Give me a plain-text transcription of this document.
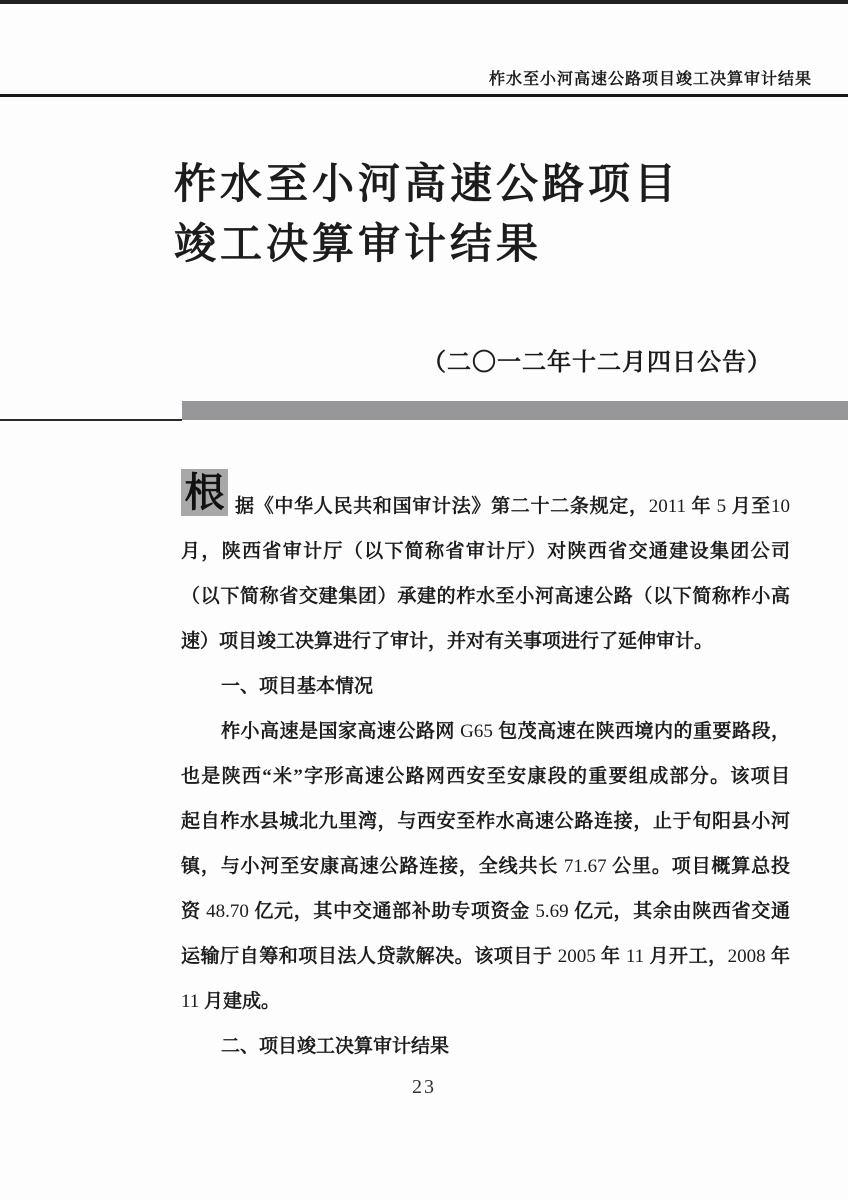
柞水至小河高速公路项目竣工决算审计结果
柞水至小河高速公路项目
竣工决算审计结果
（二〇一二年十二月四日公告）
根 据《中华人民共和国审计法》第二十二条规定，2011 年 5 月至10
月，陕西省审计厅（以下简称省审计厅）对陕西省交通建设集团公司
（以下简称省交建集团）承建的柞水至小河高速公路（以下简称柞小高
速）项目竣工决算进行了审计，并对有关事项进行了延伸审计。
一、项目基本情况
柞小高速是国家高速公路网 G65 包茂高速在陕西境内的重要路段，
也是陕西“米”字形高速公路网西安至安康段的重要组成部分。该项目
起自柞水县城北九里湾，与西安至柞水高速公路连接，止于旬阳县小河
镇，与小河至安康高速公路连接，全线共长 71.67 公里。项目概算总投
资 48.70 亿元，其中交通部补助专项资金 5.69 亿元，其余由陕西省交通
运输厅自筹和项目法人贷款解决。该项目于 2005 年 11 月开工，2008 年
11 月建成。
二、项目竣工决算审计结果
23
